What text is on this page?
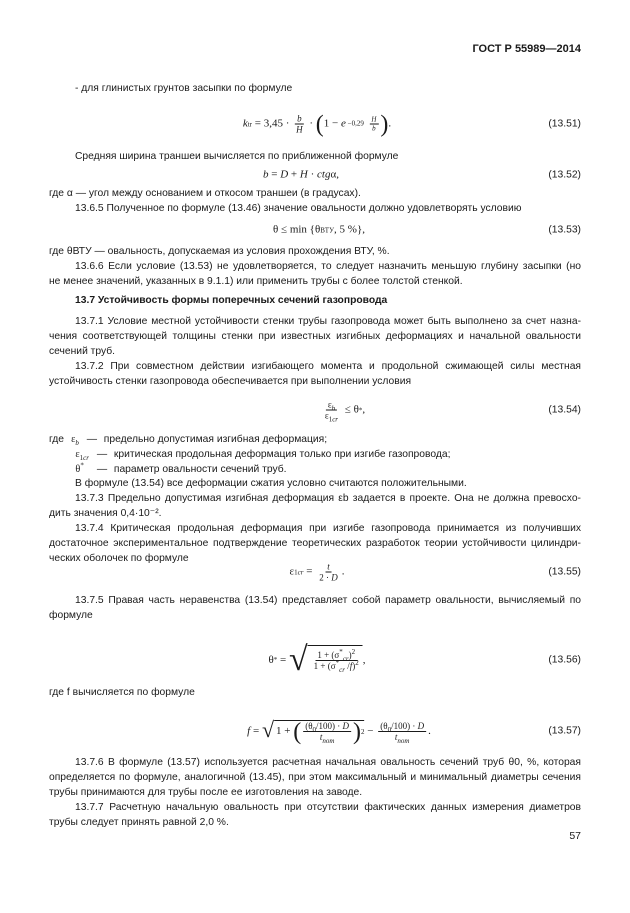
ГОСТ Р 55989—2014
- для глинистых грунтов засыпки по формуле
k tr = $3,45 \cdot \frac{b}{H}$ · ( $1 - e -0,29 \frac{H}{b}$ ) .	(13.51)
Средняя ширина траншеи вычисляется по приближенной формуле
b = D + H · ctg α,	(13.52)
где α — угол между основанием и откосом траншеи (в градусах).
13.6.5 Полученное по формуле (13.46) значение овальности должно удовлетворять условию
θ ≤ min {θ ВТУ , 5 %},	(13.53)
где θВТУ — овальность, допускаемая из условия прохождения ВТУ, %.
13.6.6 Если условие (13.53) не удовлетворяется, то следует назначить меньшую глубину засыпки (но
не менее значений, указанных в 9.1.1) или применить трубы с более толстой стенкой.
13.7 Устойчивость формы поперечных сечений газопровода
13.7.1 Условие местной устойчивости стенки трубы газопровода может быть выполнено за счет назна-
чения соответствующей толщины стенки при известных изгибных деформациях и начальной овальности
сечений труб.
13.7.2 При совместном действии изгибающего момента и продольной сжимающей силы местная
устойчивость стенки газопровода обеспечивается при выполнении условия
$\frac{\varepsilon_b}{\varepsilon_{1cr}} \le \theta$ * ,	(13.54)
где $\varepsilon_b$ — предельно допустимая изгибная деформация;
$\varepsilon_{1cr}$ — критическая продольная деформация только при изгибе газопровода;
θ* — параметр овальности сечений труб.
В формуле (13.54) все деформации сжатия условно считаются положительными.
13.7.3 Предельно допустимая изгибная деформация εb задается в проекте. Она не должна превосхо-
дить значения 0,4·10⁻².
13.7.4 Критическая продольная деформация при изгибе газопровода принимается из получивших
достаточное экспериментальное подтверждение теоретических разработок теории устойчивости цилиндри-
ческих оболочек по формуле
ε $1cr = \frac{t}{2 \cdot D}$ .	(13.55)
13.7.5 Правая часть неравенства (13.54) представляет собой параметр овальности, вычисляемый по
формуле
θ * = √ $\frac{1 + (\sigma^*_{cr})^2}{1 + (\sigma^*_{cr} /f)^2}$ ,	(13.56)
где f вычисляется по формуле
f = √ 1 + ( $\frac{(\theta_0/100) \cdot D}{t_{nom}}$ ) $2 - \frac{(\theta_0/100) \cdot D}{t_{nom}}$ .	(13.57)
13.7.6 В формуле (13.57) используется расчетная начальная овальность сечений труб θ0, %, которая
определяется по формуле, аналогичной (13.45), при этом максимальный и минимальный диаметры сечения
трубы принимаются для трубы после ее изготовления на заводе.
13.7.7 Расчетную начальную овальность при отсутствии фактических данных измерения диаметров
трубы следует принять равной 2,0 %.
57
